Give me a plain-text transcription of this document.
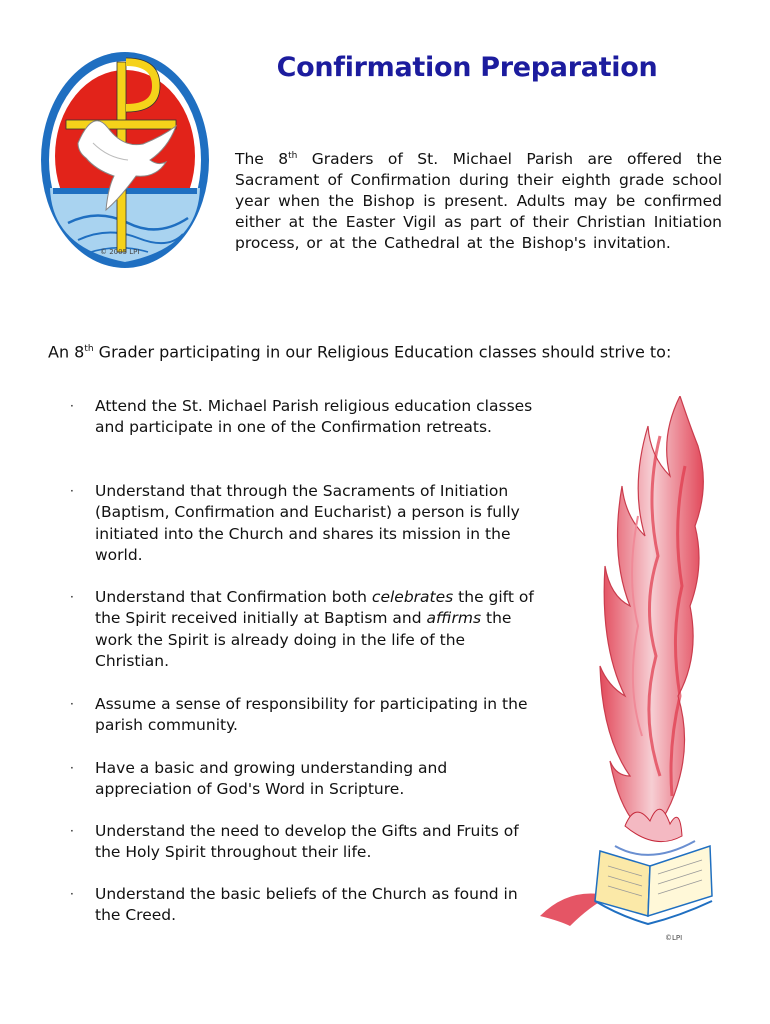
© 2005 LPI
Confirmation Preparation
The 8th Graders of St. Michael Parish are offered the Sacrament of Confirmation during their eighth grade school year when the Bishop is present. Adults may be confirmed either at the Easter Vigil as part of their Christian Initiation process, or at the Cathedral at the Bishop's invitation.
An 8th Grader participating in our Religious Education classes should strive to:
· Attend the St. Michael Parish religious education classes and participate in one of the Confirmation retreats.
· Understand that through the Sacraments of Initiation (Baptism, Confirmation and Eucharist) a person is fully initiated into the Church and shares its mission in the world.
· Understand that Confirmation both celebrates the gift of the Spirit received initially at Baptism and affirms the work the Spirit is already doing in the life of the Christian.
· Assume a sense of responsibility for participating in the parish community.
· Have a basic and growing understanding and appreciation of God's Word in Scripture.
· Understand the need to develop the Gifts and Fruits of the Holy Spirit throughout their life.
· Understand the basic beliefs of the Church as found in the Creed.
©LPI
